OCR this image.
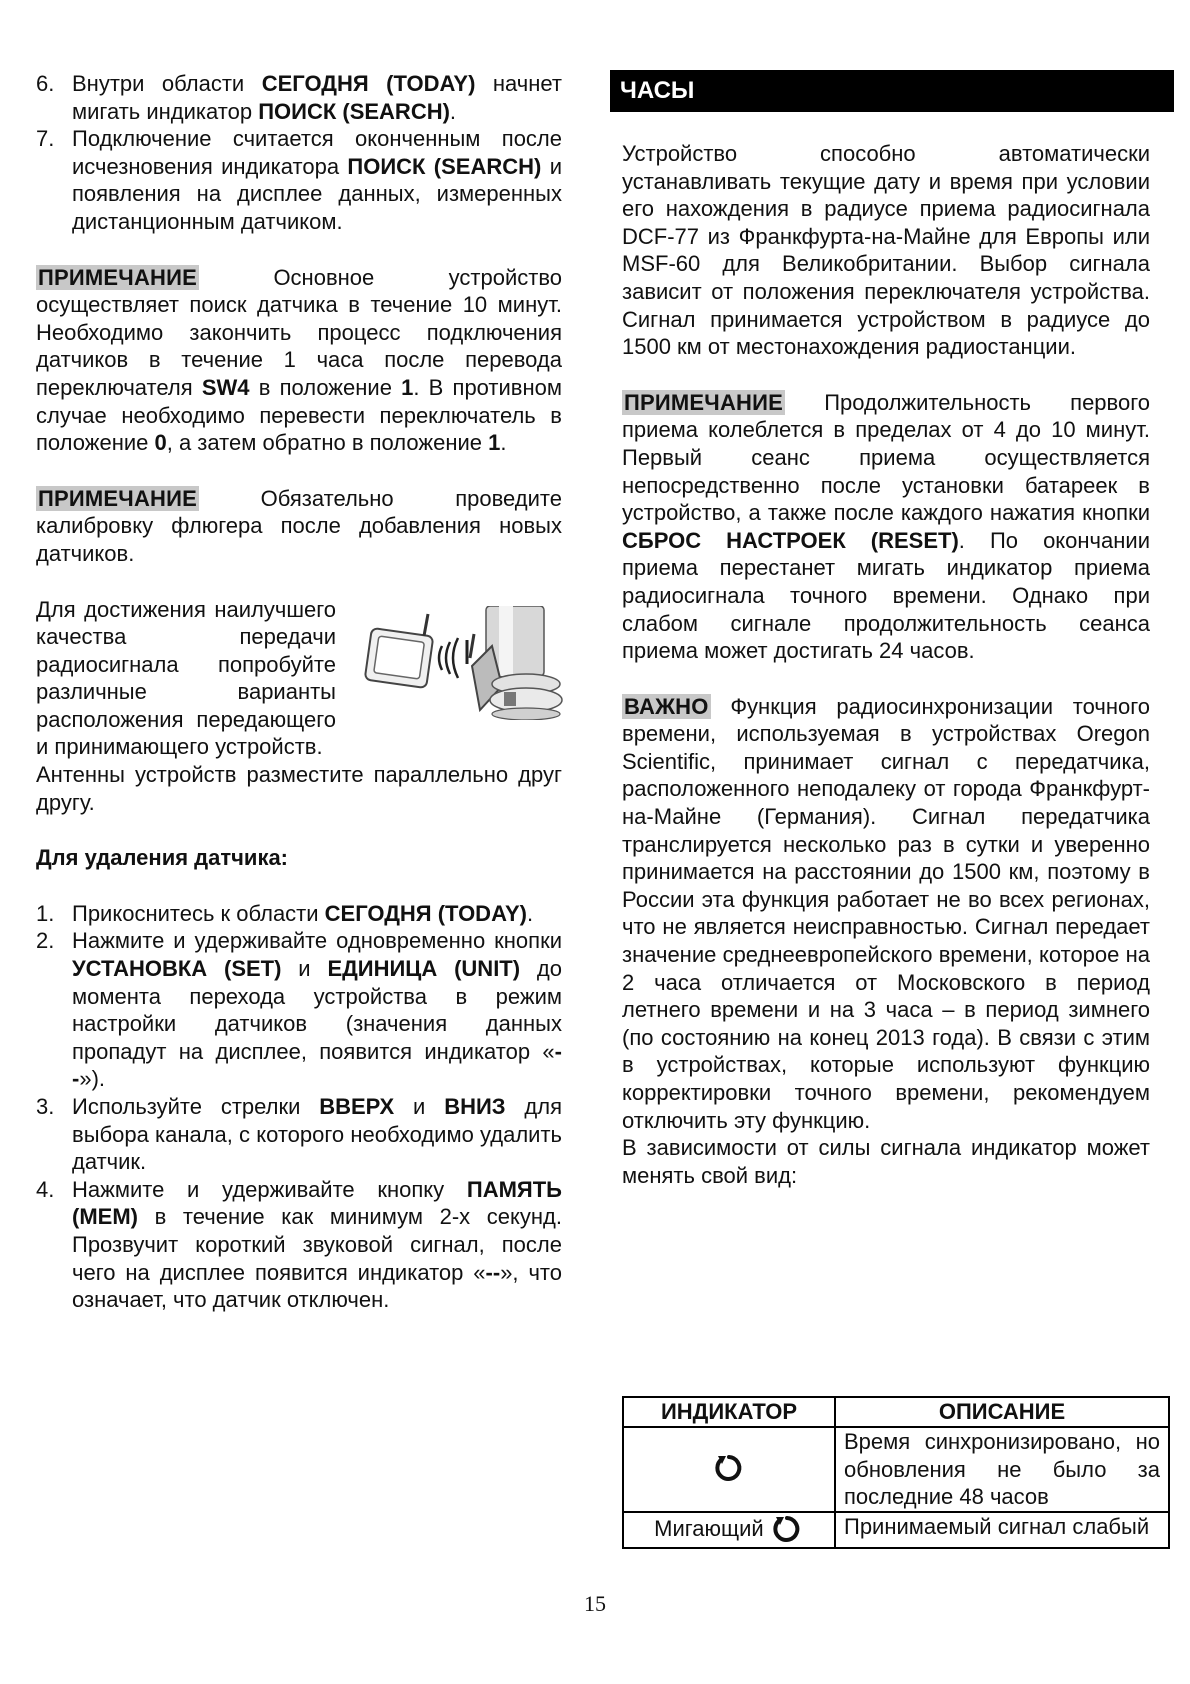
6. Внутри области СЕГОДНЯ (TODAY) начнет мигать индикатор ПОИСК (SEARCH).
7. Подключение считается оконченным после исчезновения индикатора ПОИСК (SEARCH) и появления на дисплее данных, измеренных дистанционным датчиком.

ПРИМЕЧАНИЕ Основное устройство осуществляет поиск датчика в течение 10 минут. Необходимо закончить процесс подключения датчиков в течение 1 часа после перевода переключателя SW4 в положение 1. В противном случае необходимо перевести переключатель в положение 0, а затем обратно в положение 1.

ПРИМЕЧАНИЕ Обязательно проведите калибровку флюгера после добавления новых датчиков.

Для достижения наилучшего качества передачи радиосигнала попробуйте различные варианты расположения передающего и принимающего устройств.

Антенны устройств разместите параллельно друг другу.

Для удаления датчика:

1. Прикоснитесь к области СЕГОДНЯ (TODAY).
2. Нажмите и удерживайте одновременно кнопки УСТАНОВКА (SET) и ЕДИНИЦА (UNIT) до момента перехода устройства в режим настройки датчиков (значения данных пропадут на дисплее, появится индикатор «--»).
3. Используйте стрелки ВВЕРХ и ВНИЗ для выбора канала, с которого необходимо удалить датчик.
4. Нажмите и удерживайте кнопку ПАМЯТЬ (MEM) в течение как минимум 2-х секунд. Прозвучит короткий звуковой сигнал, после чего на дисплее появится индикатор «--», что означает, что датчик отключен.
ЧАСЫ

Устройство способно автоматически устанавливать текущие дату и время при условии его нахождения в радиусе приема радиосигнала DCF-77 из Франкфурта-на-Майне для Европы или MSF-60 для Великобритании. Выбор сигнала зависит от положения переключателя устройства. Сигнал принимается устройством в радиусе до 1500 км от местонахождения радиостанции.

ПРИМЕЧАНИЕ Продолжительность первого приема колеблется в пределах от 4 до 10 минут. Первый сеанс приема осуществляется непосредственно после установки батареек в устройство, а также после каждого нажатия кнопки СБРОС НАСТРОЕК (RESET). По окончании приема перестанет мигать индикатор приема радиосигнала точного времени. Однако при слабом сигнале продолжительность сеанса приема может достигать 24 часов.

ВАЖНО Функция радиосинхронизации точного времени, используемая в устройствах Oregon Scientific, принимает сигнал с передатчика, расположенного неподалеку от города Франкфурт-на-Майне (Германия). Сигнал передатчика транслируется несколько раз в сутки и уверенно принимается на расстоянии до 1500 км, поэтому в России эта функция работает не во всех регионах, что не является неисправностью. Сигнал передает значение среднеевропейского времени, которое на 2 часа отличается от Московского в период летнего времени и на 3 часа – в период зимнего (по состоянию на конец 2013 года). В связи с этим в устройствах, которые используют функцию корректировки точного времени, рекомендуем отключить эту функцию.

В зависимости от силы сигнала индикатор может менять свой вид:

ИНДИКАТОР	ОПИСАНИЕ
	Время синхронизировано, но обновления не было за последние 48 часов
Мигающий	Принимаемый сигнал слабый
15
